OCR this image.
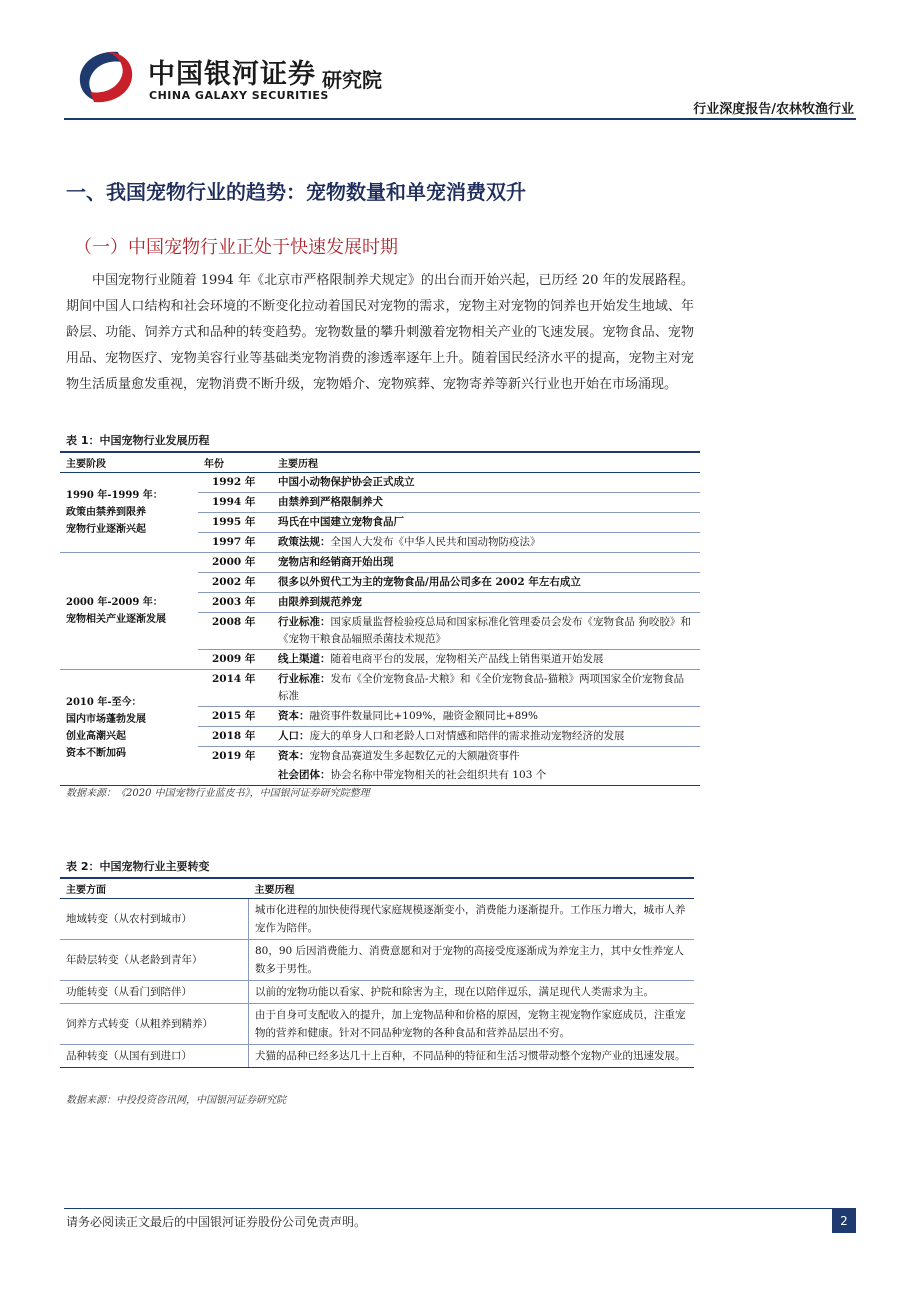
中国银河证券
CHINA GALAXY SECURITIES
研究院
行业深度报告/农林牧渔行业
一、我国宠物行业的趋势：宠物数量和单宠消费双升
（一）中国宠物行业正处于快速发展时期
中国宠物行业随着 1994 年《北京市严格限制养犬规定》的出台而开始兴起，已历经 20 年的发展路程。期间中国人口结构和社会环境的不断变化拉动着国民对宠物的需求，宠物主对宠物的饲养也开始发生地域、年龄层、功能、饲养方式和品种的转变趋势。宠物数量的攀升刺激着宠物相关产业的飞速发展。宠物食品、宠物用品、宠物医疗、宠物美容行业等基础类宠物消费的渗透率逐年上升。随着国民经济水平的提高，宠物主对宠物生活质量愈发重视，宠物消费不断升级，宠物婚介、宠物殡葬、宠物寄养等新兴行业也开始在市场涌现。
表 1：中国宠物行业发展历程
主要阶段	年份	主要历程

1990 年-1999 年：
政策由禁养到限养
宠物行业逐渐兴起	1992 年	中国小动物保护协会正式成立
	1994 年	由禁养到严格限制养犬
	1995 年	玛氏在中国建立宠物食品厂
	1997 年	政策法规：全国人大发布《中华人民共和国动物防疫法》

2000 年-2009 年：
宠物相关产业逐渐发展	2000 年	宠物店和经销商开始出现
	2002 年	很多以外贸代工为主的宠物食品/用品公司多在 2002 年左右成立
	2003 年	由限养到规范养宠
	2008 年	行业标准：国家质量监督检验疫总局和国家标准化管理委员会发布《宠物食品 狗咬胶》和《宠物干粮食品辐照杀菌技术规范》
	2009 年	线上渠道：随着电商平台的发展，宠物相关产品线上销售渠道开始发展

2010 年-至今：
国内市场蓬勃发展
创业高潮兴起
资本不断加码	2014 年	行业标准：发布《全价宠物食品-犬粮》和《全价宠物食品-猫粮》两项国家全价宠物食品标准
	2015 年	资本：融资事件数量同比+109%，融资金额同比+89%
	2018 年	人口：庞大的单身人口和老龄人口对情感和陪伴的需求推动宠物经济的发展
	2019 年	资本：宠物食品赛道发生多起数亿元的大额融资事件
		社会团体：协会名称中带宠物相关的社会组织共有 103 个
数据来源：《2020 中国宠物行业蓝皮书》，中国银河证券研究院整理
表 2：中国宠物行业主要转变
主要方面	主要历程
地域转变（从农村到城市）	城市化进程的加快使得现代家庭规模逐渐变小，消费能力逐渐提升。工作压力增大，城市人养宠作为陪伴。
年龄层转变（从老龄到青年）	80，90 后因消费能力、消费意愿和对于宠物的高接受度逐渐成为养宠主力，其中女性养宠人数多于男性。
功能转变（从看门到陪伴）	以前的宠物功能以看家、护院和除害为主，现在以陪伴逗乐，满足现代人类需求为主。
饲养方式转变（从粗养到精养）	由于自身可支配收入的提升，加上宠物品种和价格的原因，宠物主视宠物作家庭成员，注重宠物的营养和健康。针对不同品种宠物的各种食品和营养品层出不穷。
品种转变（从国有到进口）	犬猫的品种已经多达几十上百种，不同品种的特征和生活习惯带动整个宠物产业的迅速发展。
数据来源：中投投资咨讯网，中国银河证券研究院
请务必阅读正文最后的中国银河证券股份公司免责声明。	2
